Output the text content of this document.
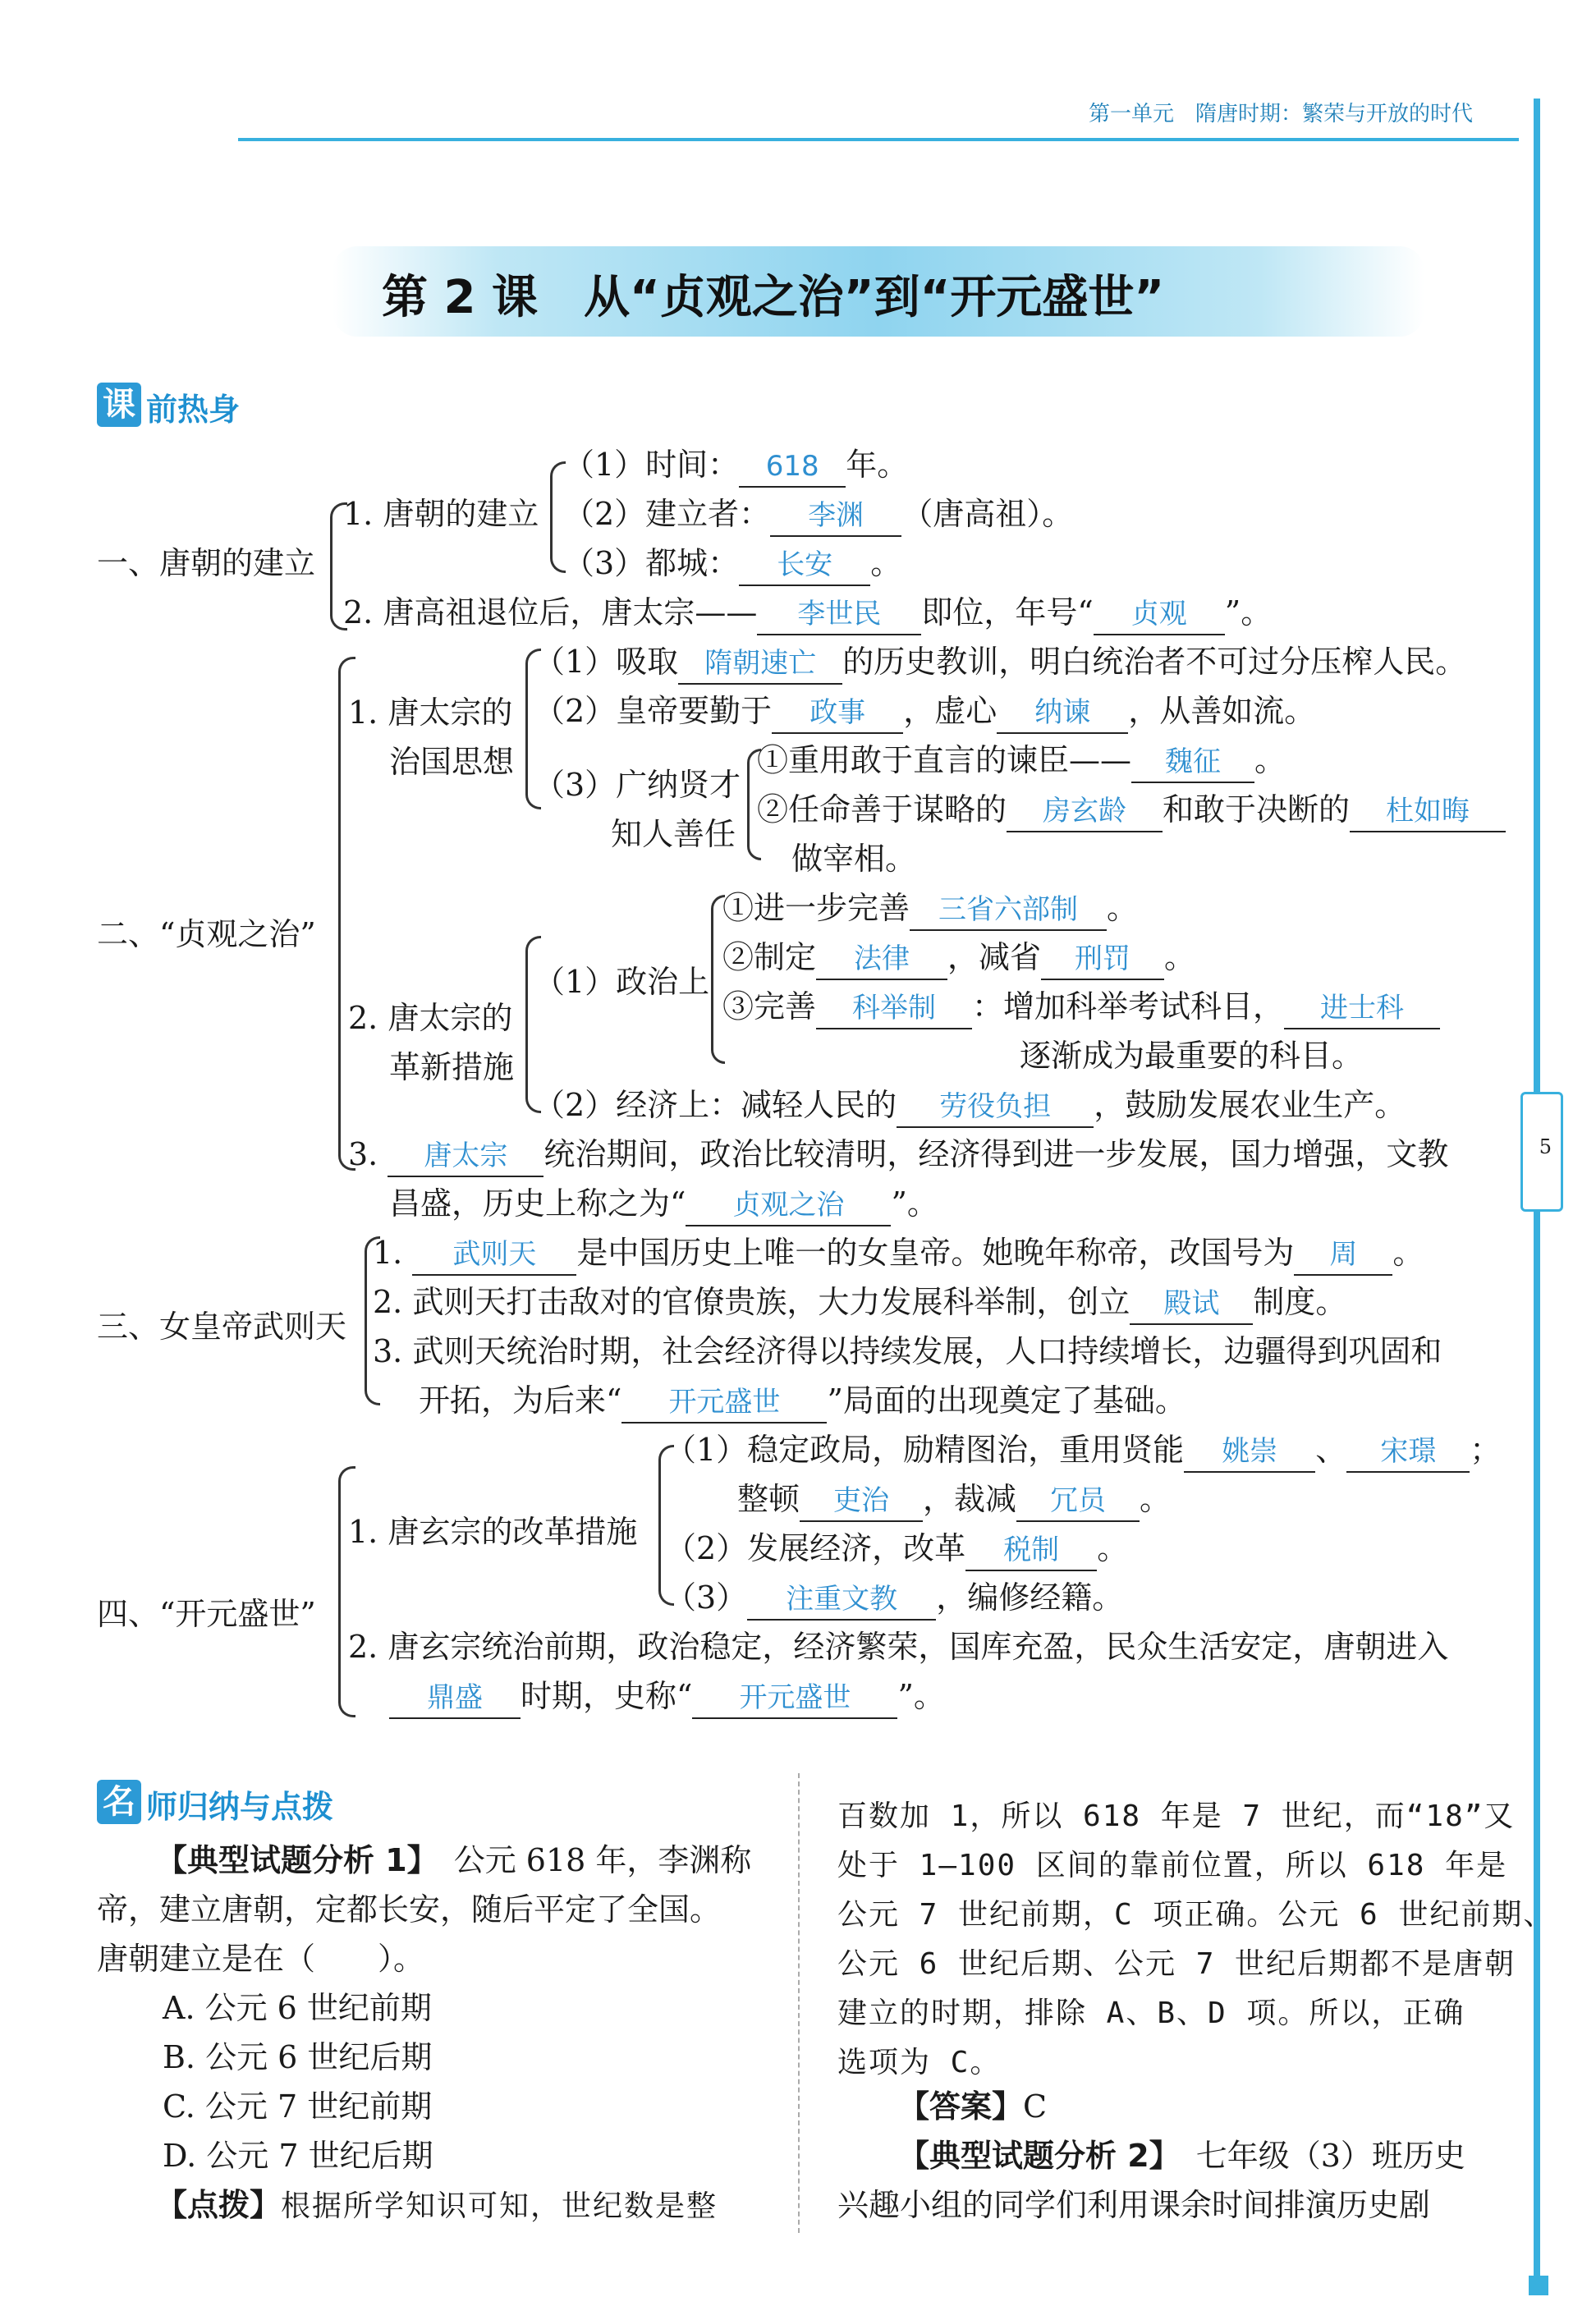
第一单元　隋唐时期：繁荣与开放的时代
5
第 2 课　从“贞观之治”到“开元盛世”
课 前热身
一、唐朝的建立
1. 唐朝的建立
（1）时间： 618 年。
（2）建立者： 李渊 （唐高祖）。
（3）都城： 长安 。
2. 唐高祖退位后，唐太宗—— 李世民 即位，年号“ 贞观 ”。
二、“贞观之治”
1. 唐太宗的
治国思想
（1）吸取 隋朝速亡 的历史教训，明白统治者不可过分压榨人民。
（2）皇帝要勤于 政事 ，虚心 纳谏 ，从善如流。
（3）广纳贤才
知人善任
①重用敢于直言的谏臣—— 魏征 。
②任命善于谋略的 房玄龄 和敢于决断的 杜如晦
做宰相。
2. 唐太宗的
革新措施
（1）政治上
①进一步完善 三省六部制 。
②制定 法律 ，减省 刑罚 。
③完善 科举制 ：增加科举考试科目， 进士科
逐渐成为最重要的科目。
（2）经济上：减轻人民的 劳役负担 ，鼓励发展农业生产。
3. 唐太宗 统治期间，政治比较清明，经济得到进一步发展，国力增强，文教
昌盛，历史上称之为“ 贞观之治 ”。
三、女皇帝武则天
1. 武则天 是中国历史上唯一的女皇帝。她晚年称帝，改国号为 周 。
2. 武则天打击敌对的官僚贵族，大力发展科举制，创立 殿试 制度。
3. 武则天统治时期，社会经济得以持续发展，人口持续增长，边疆得到巩固和
开拓，为后来“ 开元盛世 ”局面的出现奠定了基础。
四、“开元盛世”
1. 唐玄宗的改革措施
（1）稳定政局，励精图治，重用贤能 姚崇 、 宋璟 ；
整顿 吏治 ，裁减 冗员 。
（2）发展经济，改革 税制 。
（3） 注重文教 ，编修经籍。
2. 唐玄宗统治前期，政治稳定，经济繁荣，国库充盈，民众生活安定，唐朝进入
鼎盛 时期，史称“ 开元盛世 ”。
名 师归纳与点拨
【典型试题分析 1】　 公元 618 年，李渊称
帝，建立唐朝，定都长安，随后平定了全国。
唐朝建立是在（　　）。
A. 公元 6 世纪前期
B. 公元 6 世纪后期
C. 公元 7 世纪前期
D. 公元 7 世纪后期
【点拨】根据所学知识可知，世纪数是整
百数加 1，所以 618 年是 7 世纪，而“18”又
处于 1—100 区间的靠前位置，所以 618 年是
公元 7 世纪前期，C 项正确。公元 6 世纪前期、
公元 6 世纪后期、公元 7 世纪后期都不是唐朝
建立的时期，排除 A、B、D 项。所以，正确
选项为 C。
【答案】C
【典型试题分析 2】　 七年级（3）班历史
兴趣小组的同学们利用课余时间排演历史剧
